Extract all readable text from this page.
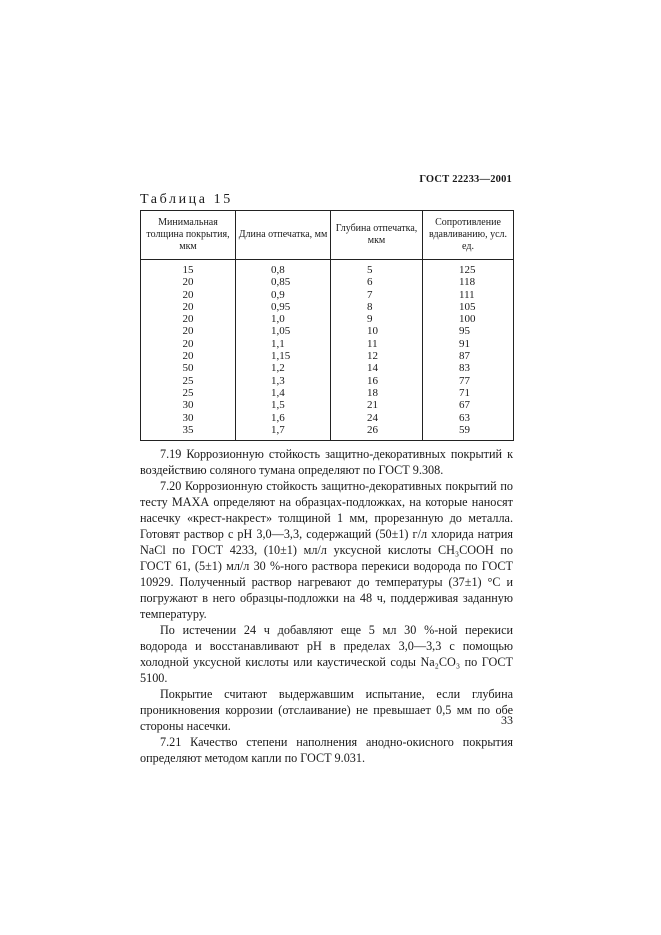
ГОСТ 22233—2001
Таблица 15
Минимальная толщина покрытия, мкм	Длина отпечатка, мм	Глубина отпечатка, мкм	Сопротивление вдавливанию, усл. ед.
15	0,8	5	125
20	0,85	6	118
20	0,9	7	111
20	0,95	8	105
20	1,0	9	100
20	1,05	10	95
20	1,1	11	91
20	1,15	12	87
50	1,2	14	83
25	1,3	16	77
25	1,4	18	71
30	1,5	21	67
30	1,6	24	63
35	1,7	26	59

7.19 Коррозионную стойкость защитно-декоративных покрытий к воздействию соляного тумана определяют по ГОСТ 9.308.

7.20 Коррозионную стойкость защитно-декоративных покрытий по тесту МАХА определяют на образцах-подложках, на которые наносят насечку «крест-накрест» толщиной 1 мм, прорезанную до металла. Готовят раствор с pH 3,0—3,3, содержащий (50±1) г/л хлорида натрия NaCl по ГОСТ 4233, (10±1) мл/л уксусной кислоты CH₃COOH по ГОСТ 61, (5±1) мл/л 30 %-ного раствора перекиси водорода по ГОСТ 10929. Полученный раствор нагревают до температуры (37±1) °С и погружают в него образцы-подложки на 48 ч, поддерживая заданную температуру.

По истечении 24 ч добавляют еще 5 мл 30 %-ной перекиси водорода и восстанавливают pH в пределах 3,0—3,3 с помощью холодной уксусной кислоты или каустической соды Na₂CO₃ по ГОСТ 5100.

Покрытие считают выдержавшим испытание, если глубина проникновения коррозии (отслаивание) не превышает 0,5 мм по обе стороны насечки.

7.21 Качество степени наполнения анодно-окисного покрытия определяют методом капли по ГОСТ 9.031.

33
